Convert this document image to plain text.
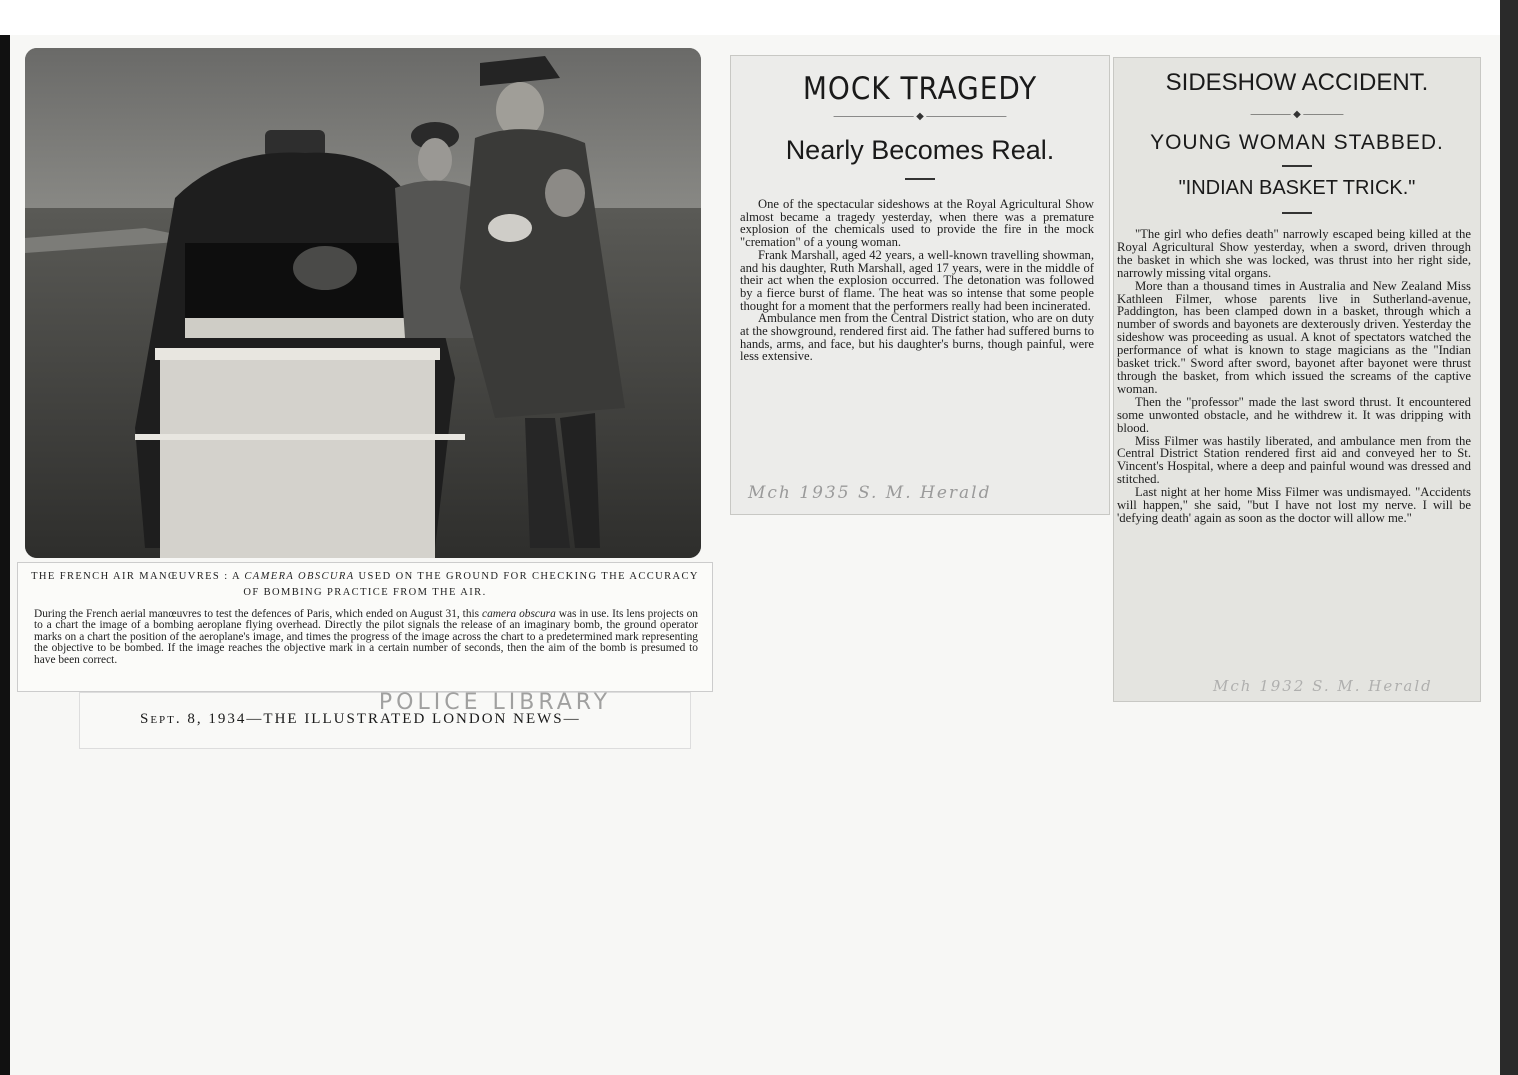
THE FRENCH AIR MANŒUVRES : A CAMERA OBSCURA USED ON THE GROUND FOR CHECKING THE ACCURACY OF BOMBING PRACTICE FROM THE AIR.
During the French aerial manœuvres to test the defences of Paris, which ended on August 31, this camera obscura was in use. Its lens projects on to a chart the image of a bombing aeroplane flying overhead. Directly the pilot signals the release of an imaginary bomb, the ground operator marks on a chart the position of the aeroplane's image, and times the progress of the image across the chart to a predetermined mark representing the objective to be bombed. If the image reaches the objective mark in a certain number of seconds, then the aim of the bomb is presumed to have been correct.
Sept. 8, 1934—THE ILLUSTRATED LONDON NEWS—
POLICE LIBRARY
MOCK TRAGEDY
———————— ◆ ————————
Nearly Becomes Real.

One of the spectacular sideshows at the Royal Agricultural Show almost became a tragedy yesterday, when there was a premature explosion of the chemicals used to provide the fire in the mock "cremation" of a young woman.

Frank Marshall, aged 42 years, a well-known travelling showman, and his daughter, Ruth Marshall, aged 17 years, were in the middle of their act when the explosion occurred. The detonation was followed by a fierce burst of flame. The heat was so intense that some people thought for a moment that the performers really had been incinerated.

Ambulance men from the Central District station, who are on duty at the showground, rendered first aid. The father had suffered burns to hands, arms, and face, but his daughter's burns, though painful, were less extensive.

Mch 1935 S. M. Herald
SIDESHOW ACCIDENT.
———— ◆ ————
YOUNG WOMAN STABBED.
"INDIAN BASKET TRICK."

"The girl who defies death" narrowly escaped being killed at the Royal Agricultural Show yesterday, when a sword, driven through the basket in which she was locked, was thrust into her right side, narrowly missing vital organs.

More than a thousand times in Australia and New Zealand Miss Kathleen Filmer, whose parents live in Sutherland-avenue, Paddington, has been clamped down in a basket, through which a number of swords and bayonets are dexterously driven. Yesterday the sideshow was proceeding as usual. A knot of spectators watched the performance of what is known to stage magicians as the "Indian basket trick." Sword after sword, bayonet after bayonet were thrust through the basket, from which issued the screams of the captive woman.

Then the "professor" made the last sword thrust. It encountered some unwonted obstacle, and he withdrew it. It was dripping with blood.

Miss Filmer was hastily liberated, and ambulance men from the Central District Station rendered first aid and conveyed her to St. Vincent's Hospital, where a deep and painful wound was dressed and stitched.

Last night at her home Miss Filmer was undismayed. "Accidents will happen," she said, "but I have not lost my nerve. I will be 'defying death' again as soon as the doctor will allow me."

Mch 1932 S. M. Herald
